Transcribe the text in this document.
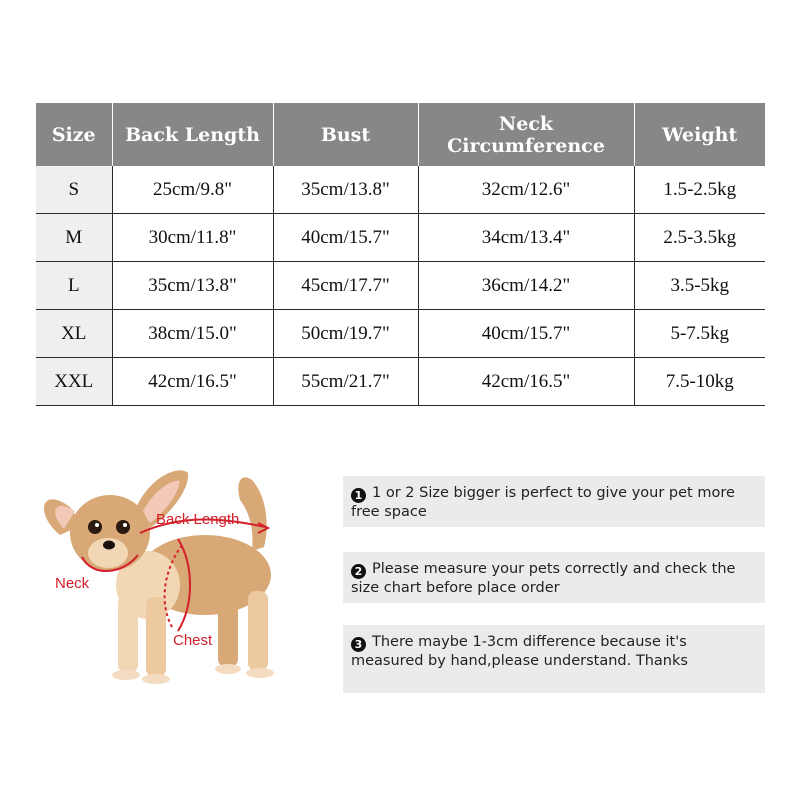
Size	Back Length	Bust	Neck Circumference	Weight
S	25cm/9.8"	35cm/13.8"	32cm/12.6"	1.5-2.5kg
M	30cm/11.8"	40cm/15.7"	34cm/13.4"	2.5-3.5kg
L	35cm/13.8"	45cm/17.7"	36cm/14.2"	3.5-5kg
XL	38cm/15.0"	50cm/19.7"	40cm/15.7"	5-7.5kg
XXL	42cm/16.5"	55cm/21.7"	42cm/16.5"	7.5-10kg
Back Length
Neck
Chest
1 1 or 2 Size bigger is perfect to give your pet more free space
2 Please measure your pets correctly and check the size chart before place order
3 There maybe 1-3cm difference because it's measured by hand,please understand. Thanks
